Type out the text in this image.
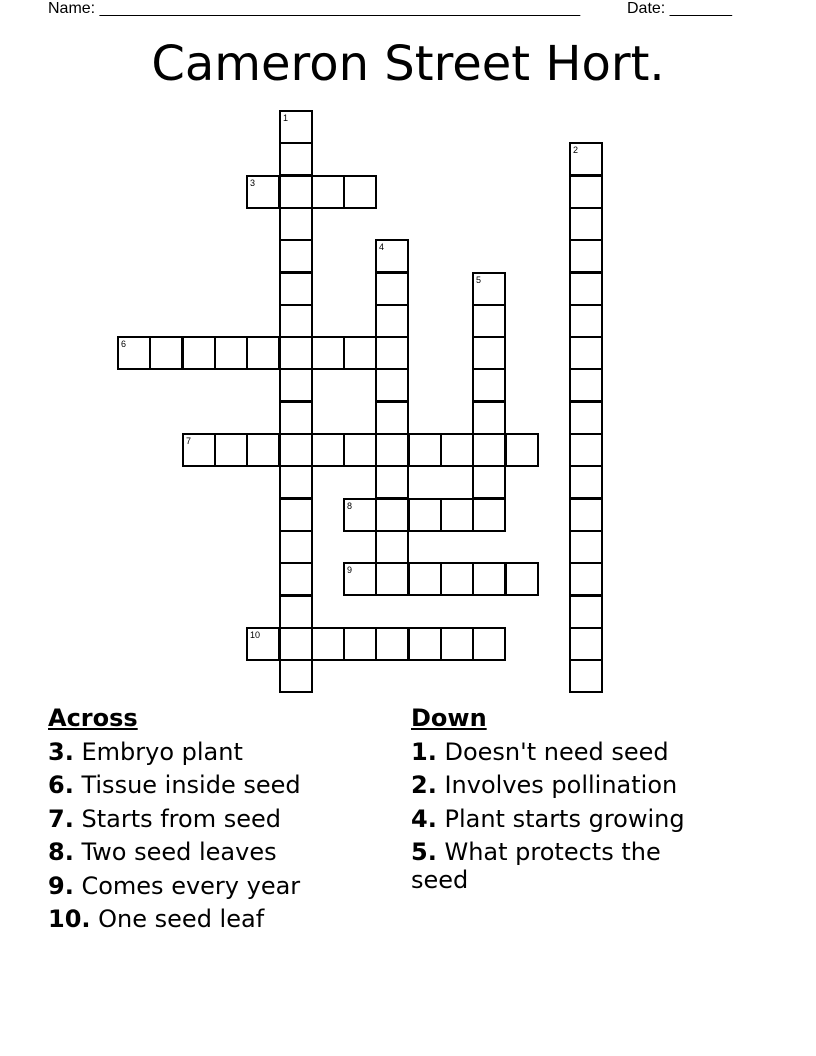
Name: ______________________________________________________	Date: _______
Cameron Street Hort.
1
2
3
4
5
6
7
8
9
10
Across
3. Embryo plant
6. Tissue inside seed
7. Starts from seed
8. Two seed leaves
9. Comes every year
10. One seed leaf
Down
1. Doesn't need seed
2. Involves pollination
4. Plant starts growing
5. What protects the seed
